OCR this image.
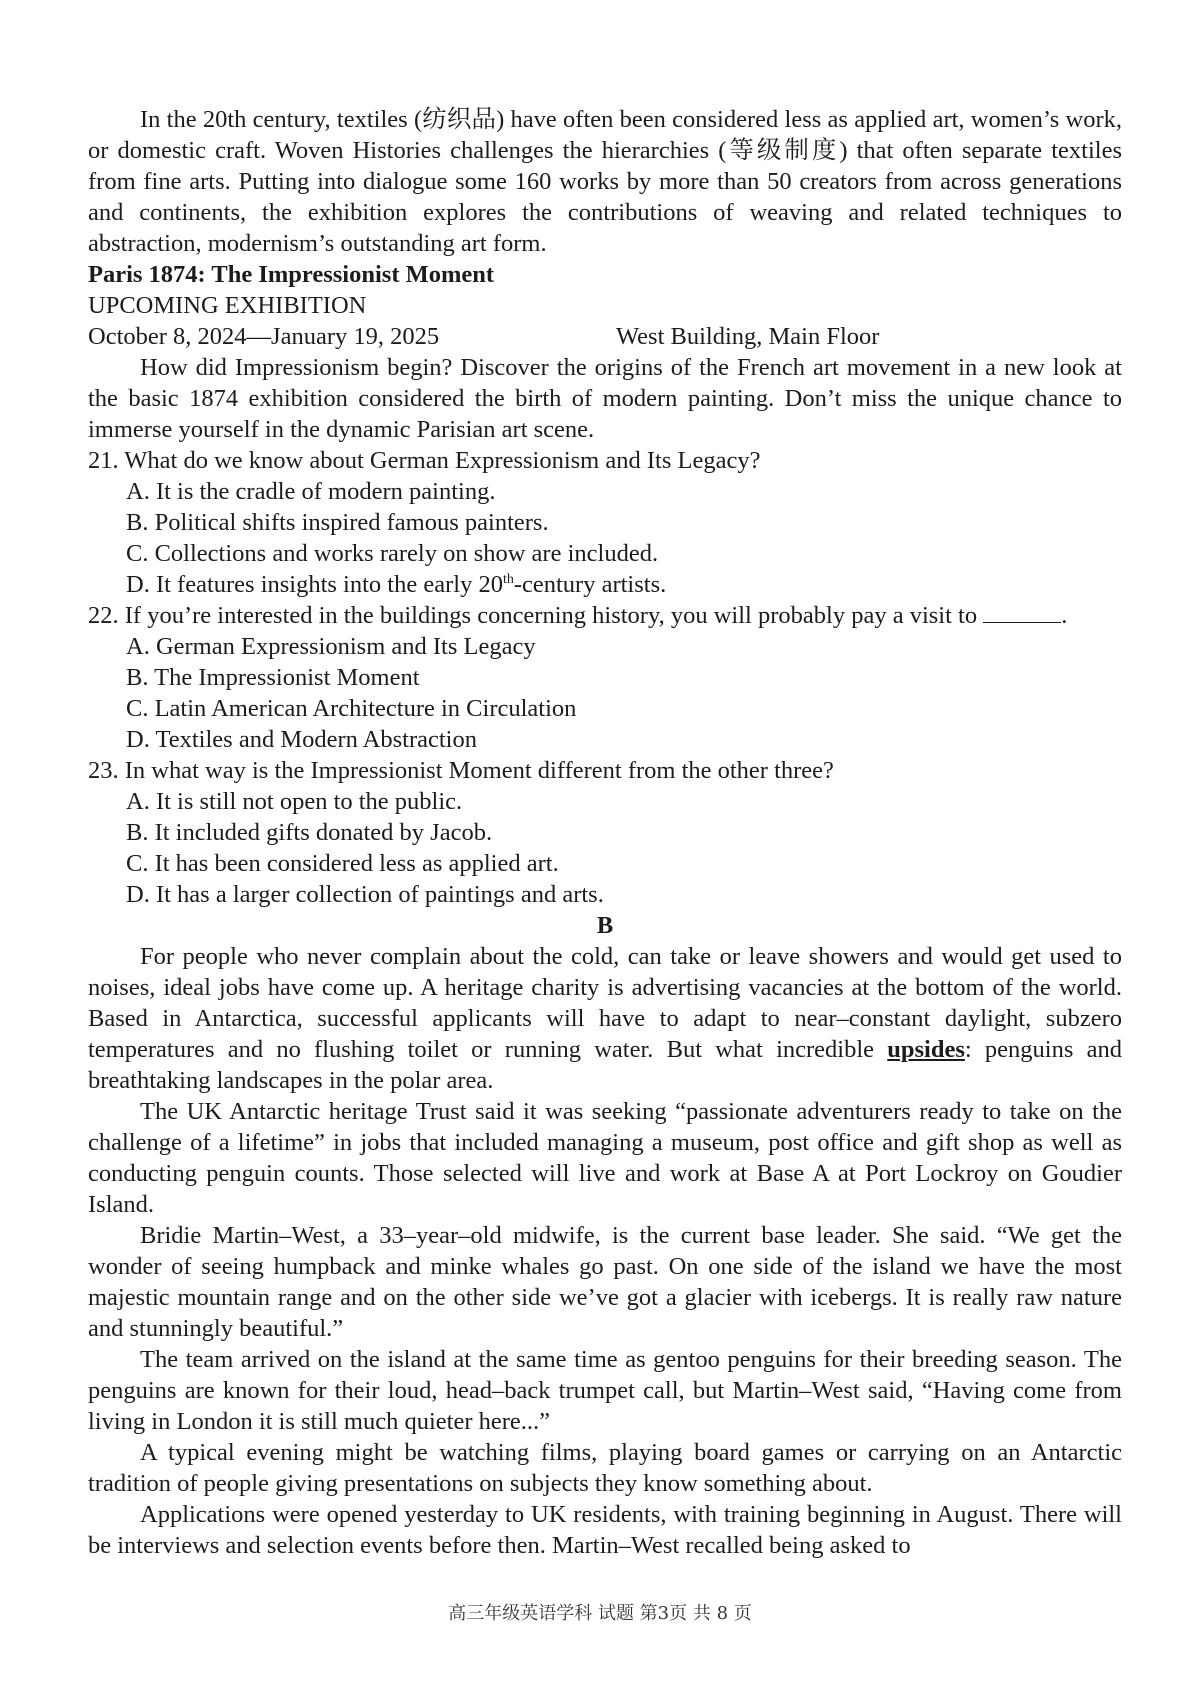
In the 20th century, textiles (纺织品) have often been considered less as applied art, women’s work, or domestic craft. Woven Histories challenges the hierarchies (等级制度) that often separate textiles from fine arts. Putting into dialogue some 160 works by more than 50 creators from across generations and continents, the exhibition explores the contributions of weaving and related techniques to abstraction, modernism’s outstanding art form.

Paris 1874: The Impressionist Moment

UPCOMING EXHIBITION

October 8, 2024—January 19, 2025	West Building, Main Floor

How did Impressionism begin? Discover the origins of the French art movement in a new look at the basic 1874 exhibition considered the birth of modern painting. Don’t miss the unique chance to immerse yourself in the dynamic Parisian art scene.

21. What do we know about German Expressionism and Its Legacy?

A. It is the cradle of modern painting.

B. Political shifts inspired famous painters.

C. Collections and works rarely on show are included.

D. It features insights into the early 20th-century artists.

22. If you’re interested in the buildings concerning history, you will probably pay a visit to	.

A. German Expressionism and Its Legacy

B. The Impressionist Moment

C. Latin American Architecture in Circulation

D. Textiles and Modern Abstraction

23. In what way is the Impressionist Moment different from the other three?

A. It is still not open to the public.

B. It included gifts donated by Jacob.

C. It has been considered less as applied art.

D. It has a larger collection of paintings and arts.

B

For people who never complain about the cold, can take or leave showers and would get used to noises, ideal jobs have come up. A heritage charity is advertising vacancies at the bottom of the world. Based in Antarctica, successful applicants will have to adapt to near–constant daylight, subzero temperatures and no flushing toilet or running water. But what incredible upsides: penguins and breathtaking landscapes in the polar area.

The UK Antarctic heritage Trust said it was seeking “passionate adventurers ready to take on the challenge of a lifetime” in jobs that included managing a museum, post office and gift shop as well as conducting penguin counts. Those selected will live and work at Base A at Port Lockroy on Goudier Island.

Bridie Martin–West, a 33–year–old midwife, is the current base leader. She said. “We get the wonder of seeing humpback and minke whales go past. On one side of the island we have the most majestic mountain range and on the other side we’ve got a glacier with icebergs. It is really raw nature and stunningly beautiful.”

The team arrived on the island at the same time as gentoo penguins for their breeding season. The penguins are known for their loud, head–back trumpet call, but Martin–West said, “Having come from living in London it is still much quieter here...”

A typical evening might be watching films, playing board games or carrying on an Antarctic tradition of people giving presentations on subjects they know something about.

Applications were opened yesterday to UK residents, with training beginning in August. There will be interviews and selection events before then. Martin–West recalled being asked to

高三年级英语学科 试题 第3页 共 8 页
